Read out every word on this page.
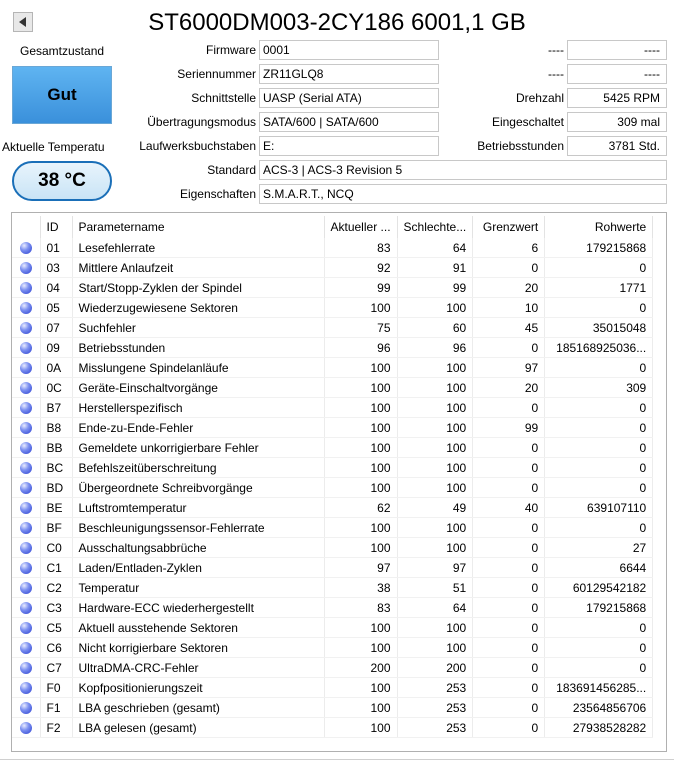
ST6000DM003-2CY186 6001,1 GB
Gesamtzustand
Gut
Aktuelle Temperatu
38 °C
Firmware 0001
Seriennummer ZR11GLQ8
Schnittstelle UASP (Serial ATA)
Übertragungsmodus SATA/600 | SATA/600
Laufwerksbuchstaben E:
Standard ACS-3 | ACS-3 Revision 5
Eigenschaften S.M.A.R.T., NCQ
----	----
----	----
Drehzahl	5425 RPM
Eingeschaltet	309 mal
Betriebsstunden	3781 Std.
	ID	Parametername	Aktueller ...	Schlechte...	Grenzwert	Rohwerte
	01	Lesefehlerrate	83	64	6	179215868
	03	Mittlere Anlaufzeit	92	91	0	0
	04	Start/Stopp-Zyklen der Spindel	99	99	20	1771
	05	Wiederzugewiesene Sektoren	100	100	10	0
	07	Suchfehler	75	60	45	35015048
	09	Betriebsstunden	96	96	0	185168925036...
	0A	Misslungene Spindelanläufe	100	100	97	0
	0C	Geräte-Einschaltvorgänge	100	100	20	309
	B7	Herstellerspezifisch	100	100	0	0
	B8	Ende-zu-Ende-Fehler	100	100	99	0
	BB	Gemeldete unkorrigierbare Fehler	100	100	0	0
	BC	Befehlszeitüberschreitung	100	100	0	0
	BD	Übergeordnete Schreibvorgänge	100	100	0	0
	BE	Luftstromtemperatur	62	49	40	639107110
	BF	Beschleunigungssensor-Fehlerrate	100	100	0	0
	C0	Ausschaltungsabbrüche	100	100	0	27
	C1	Laden/Entladen-Zyklen	97	97	0	6644
	C2	Temperatur	38	51	0	60129542182
	C3	Hardware-ECC wiederhergestellt	83	64	0	179215868
	C5	Aktuell ausstehende Sektoren	100	100	0	0
	C6	Nicht korrigierbare Sektoren	100	100	0	0
	C7	UltraDMA-CRC-Fehler	200	200	0	0
	F0	Kopfpositionierungszeit	100	253	0	183691456285...
	F1	LBA geschrieben (gesamt)	100	253	0	23564856706
	F2	LBA gelesen (gesamt)	100	253	0	27938528282
